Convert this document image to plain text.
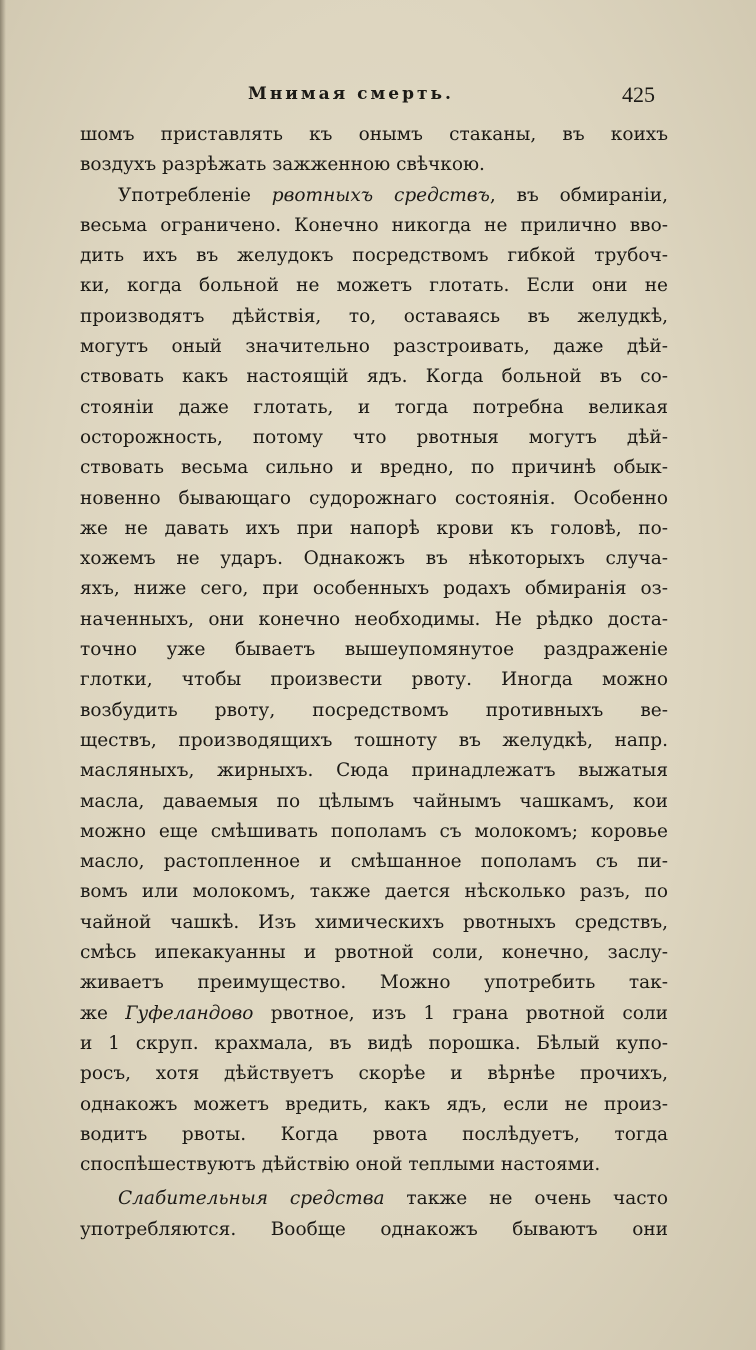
Мнимая смерть.	425
шомъ приставлять къ онымъ стаканы, въ коихъ
воздухъ разрѣжать зажженною свѣчкою.
Употребленіе рвотныхъ средствъ, въ обмираніи,
весьма ограничено. Конечно никогда не прилично вво-
дить ихъ въ желудокъ посредствомъ гибкой трубоч-
ки, когда больной не можетъ глотать. Если они не
производятъ дѣйствія, то, оставаясь въ желудкѣ,
могутъ оный значительно разстроивать, даже дѣй-
ствовать какъ настоящій ядъ. Когда больной въ со-
стояніи даже глотать, и тогда потребна великая
осторожность, потому что рвотныя могутъ дѣй-
ствовать весьма сильно и вредно, по причинѣ обык-
новенно бывающаго судорожнаго состоянія. Особенно
же не давать ихъ при напорѣ крови къ головѣ, по-
хожемъ не ударъ. Однакожъ въ нѣкоторыхъ случа-
яхъ, ниже сего, при особенныхъ родахъ обмиранія оз-
наченныхъ, они конечно необходимы. Не рѣдко доста-
точно уже бываетъ вышеупомянутое раздраженіе
глотки, чтобы произвести рвоту. Иногда можно
возбудить рвоту, посредствомъ противныхъ ве-
ществъ, производящихъ тошноту въ желудкѣ, напр.
масляныхъ, жирныхъ. Сюда принадлежатъ выжатыя
масла, даваемыя по цѣлымъ чайнымъ чашкамъ, кои
можно еще смѣшивать пополамъ съ молокомъ; коровье
масло, растопленное и смѣшанное пополамъ съ пи-
вомъ или молокомъ, также дается нѣсколько разъ, по
чайной чашкѣ. Изъ химическихъ рвотныхъ средствъ,
смѣсь ипекакуанны и рвотной соли, конечно, заслу-
живаетъ преимущество. Можно употребить так-
же Гуфеландово рвотное, изъ 1 грана рвотной соли
и 1 скруп. крахмала, въ видѣ порошка. Бѣлый купо-
росъ, хотя дѣйствуетъ скорѣе и вѣрнѣе прочихъ,
однакожъ можетъ вредить, какъ ядъ, если не произ-
водитъ рвоты. Когда рвота послѣдуетъ, тогда
споспѣшествуютъ дѣйствію оной теплыми настоями.
Слабительныя средства также не очень часто
употребляются. Вообще однакожъ бываютъ они
